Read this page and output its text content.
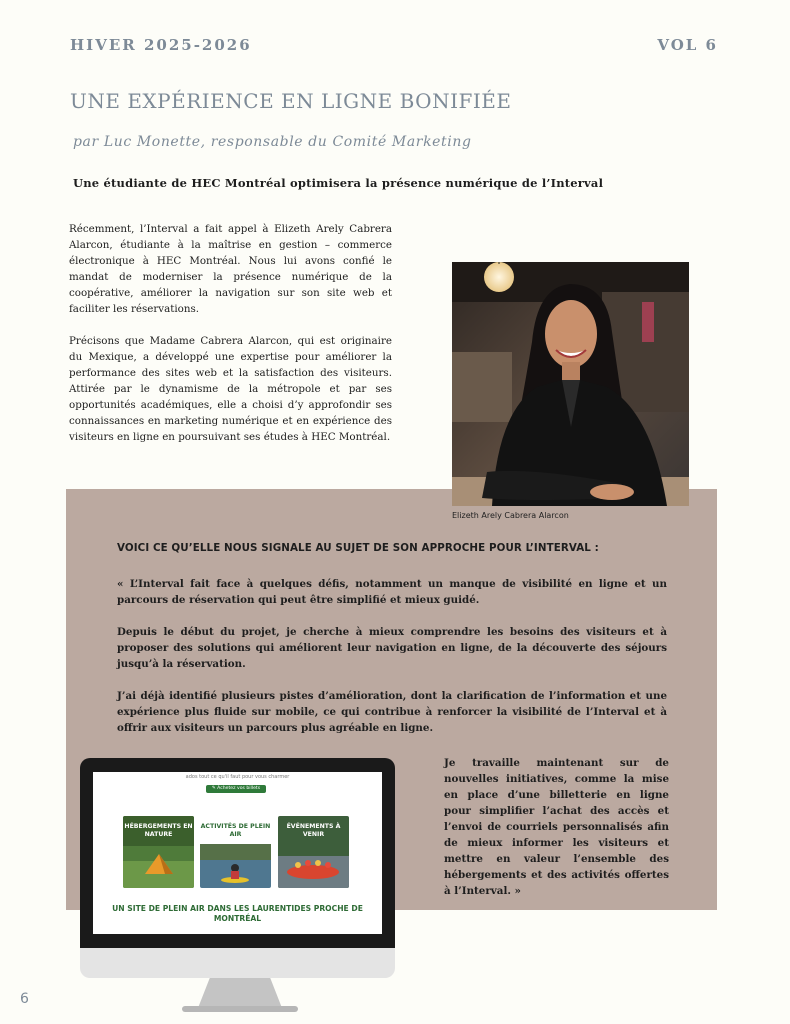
HIVER 2025-2026	VOL 6
UNE EXPÉRIENCE EN LIGNE BONIFIÉE
par Luc Monette, responsable du Comité Marketing
Une étudiante de HEC Montréal optimisera la présence numérique de l’Interval

Récemment, l’Interval a fait appel à Elizeth Arely Cabrera Alarcon, étudiante à la maîtrise en gestion – commerce électronique à HEC Montréal. Nous lui avons confié le mandat de moderniser la présence numérique de la coopérative, améliorer la navigation sur son site web et faciliter les réservations.

Précisons que Madame Cabrera Alarcon, qui est originaire du Mexique, a développé une expertise pour améliorer la performance des sites web et la satisfaction des visiteurs. Attirée par le dynamisme de la métropole et par ses opportunités académiques, elle a choisi d’y approfondir ses connaissances en marketing numérique et en expérience des visiteurs en ligne en poursuivant ses études à HEC Montréal.

Elizeth Arely Cabrera Alarcon
VOICI CE QU’ELLE NOUS SIGNALE AU SUJET DE SON APPROCHE POUR L’INTERVAL :

« L’Interval fait face à quelques défis, notamment un manque de visibilité en ligne et un parcours de réservation qui peut être simplifié et mieux guidé.

Depuis le début du projet, je cherche à mieux comprendre les besoins des visiteurs et à proposer des solutions qui améliorent leur navigation en ligne, de la découverte des séjours jusqu’à la réservation.

J’ai déjà identifié plusieurs pistes d’amélioration, dont la clarification de l’information et une expérience plus fluide sur mobile, ce qui contribue à renforcer la visibilité de l’Interval et à offrir aux visiteurs un parcours plus agréable en ligne.

Je travaille maintenant sur de nouvelles initiatives, comme la mise en place d’une billetterie en ligne pour simplifier l’achat des accès et l’envoi de courriels personnalisés afin de mieux informer les visiteurs et mettre en valeur l’ensemble des hébergements et des activités offertes à l’Interval. »
ados tout ce qu'il faut pour vous charmer
✎ Achetez vos billets
HÉBERGEMENTS EN NATURE
ACTIVITÉS DE PLEIN AIR
ÉVÉNEMENTS À VENIR
UN SITE DE PLEIN AIR DANS LES LAURENTIDES PROCHE DE MONTRÉAL
6
